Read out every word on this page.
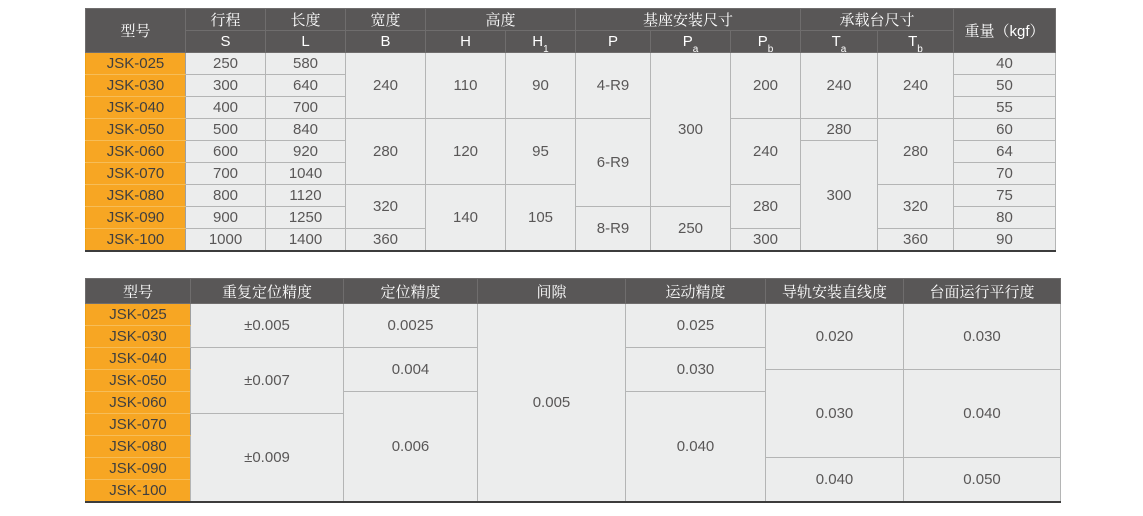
型号	行程	长度	宽度	高度		基座安装尺寸			承载台尺寸		重量（kgf）
	S	L	B	H	$H_1$	P	$P_a$	$P_b$	$T_a$	$T_b$
JSK-025	250	580	240	110	90	4-R9	300	200	240	240	40
JSK-030	300	640									50
JSK-040	400	700									55
JSK-050	500	840	280	120	95	6-R9		240	280	280	60
JSK-060	600	920							300		64
JSK-070	700	1040									70
JSK-080	800	1120	320	140	105			280		320	75
JSK-090	900	1250				8-R9	250				80
JSK-100	1000	1400	360					300		360	90
型号	重复定位精度	定位精度	间隙	运动精度	导轨安装直线度	台面运行平行度
JSK-025	±0.005	0.0025	0.005	0.025	0.020	0.030
JSK-030						
JSK-040	±0.007	0.004		0.030		
JSK-050					0.030	0.040
JSK-060		0.006		0.040		
JSK-070	±0.009					
JSK-080						
JSK-090					0.040	0.050
JSK-100						
